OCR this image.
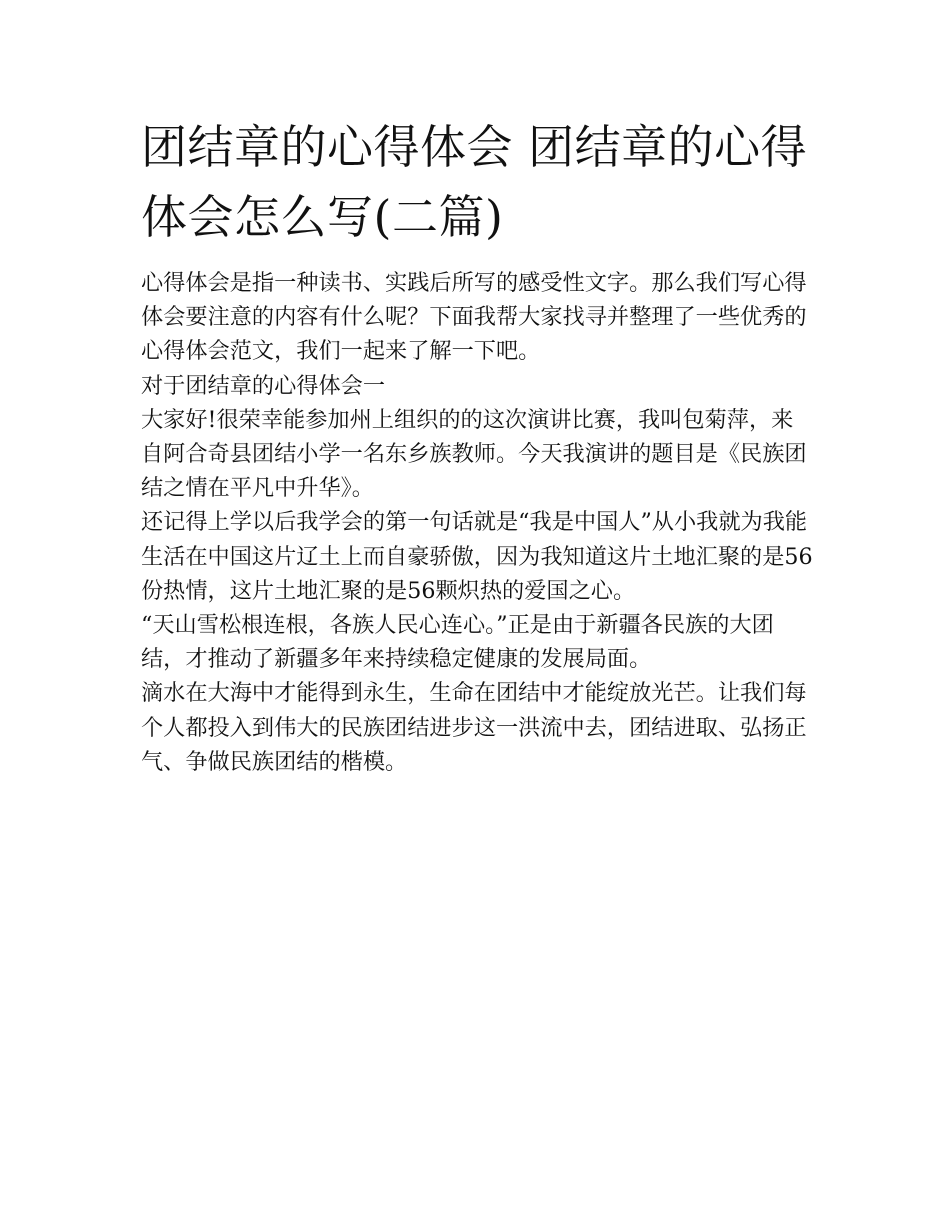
团结章的心得体会 团结章的心得体会怎么写(二篇)

心得体会是指一种读书、实践后所写的感受性文字。那么我们写心得体会要注意的内容有什么呢？下面我帮大家找寻并整理了一些优秀的心得体会范文，我们一起来了解一下吧。

对于团结章的心得体会一

大家好!很荣幸能参加州上组织的的这次演讲比赛，我叫包菊萍，来自阿合奇县团结小学一名东乡族教师。今天我演讲的题目是《民族团结之情在平凡中升华》。

还记得上学以后我学会的第一句话就是“我是中国人”从小我就为我能生活在中国这片辽土上而自豪骄傲，因为我知道这片土地汇聚的是56份热情，这片土地汇聚的是56颗炽热的爱国之心。

“天山雪松根连根，各族人民心连心。”正是由于新疆各民族的大团结，才推动了新疆多年来持续稳定健康的发展局面。

滴水在大海中才能得到永生，生命在团结中才能绽放光芒。让我们每个人都投入到伟大的民族团结进步这一洪流中去，团结进取、弘扬正气、争做民族团结的楷模。
